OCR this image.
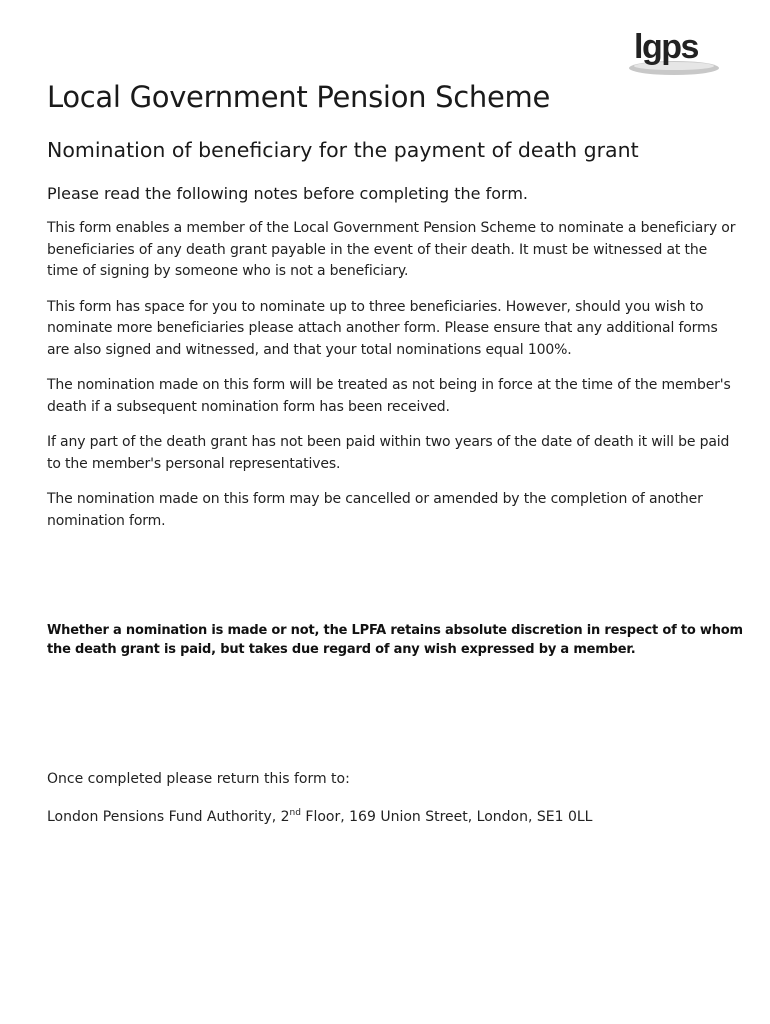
lgps
Local Government Pension Scheme
Nomination of beneficiary for the payment of death grant

Please read the following notes before completing the form.

This form enables a member of the Local Government Pension Scheme to nominate a beneficiary or beneficiaries of any death grant payable in the event of their death. It must be witnessed at the time of signing by someone who is not a beneficiary.

This form has space for you to nominate up to three beneficiaries. However, should you wish to nominate more beneficiaries please attach another form. Please ensure that any additional forms are also signed and witnessed, and that your total nominations equal 100%.

The nomination made on this form will be treated as not being in force at the time of the member's death if a subsequent nomination form has been received.

If any part of the death grant has not been paid within two years of the date of death it will be paid to the member's personal representatives.

The nomination made on this form may be cancelled or amended by the completion of another nomination form.

Whether a nomination is made or not, the LPFA retains absolute discretion in respect of to whom the death grant is paid, but takes due regard of any wish expressed by a member.

Once completed please return this form to:

London Pensions Fund Authority, 2nd Floor, 169 Union Street, London, SE1 0LL
